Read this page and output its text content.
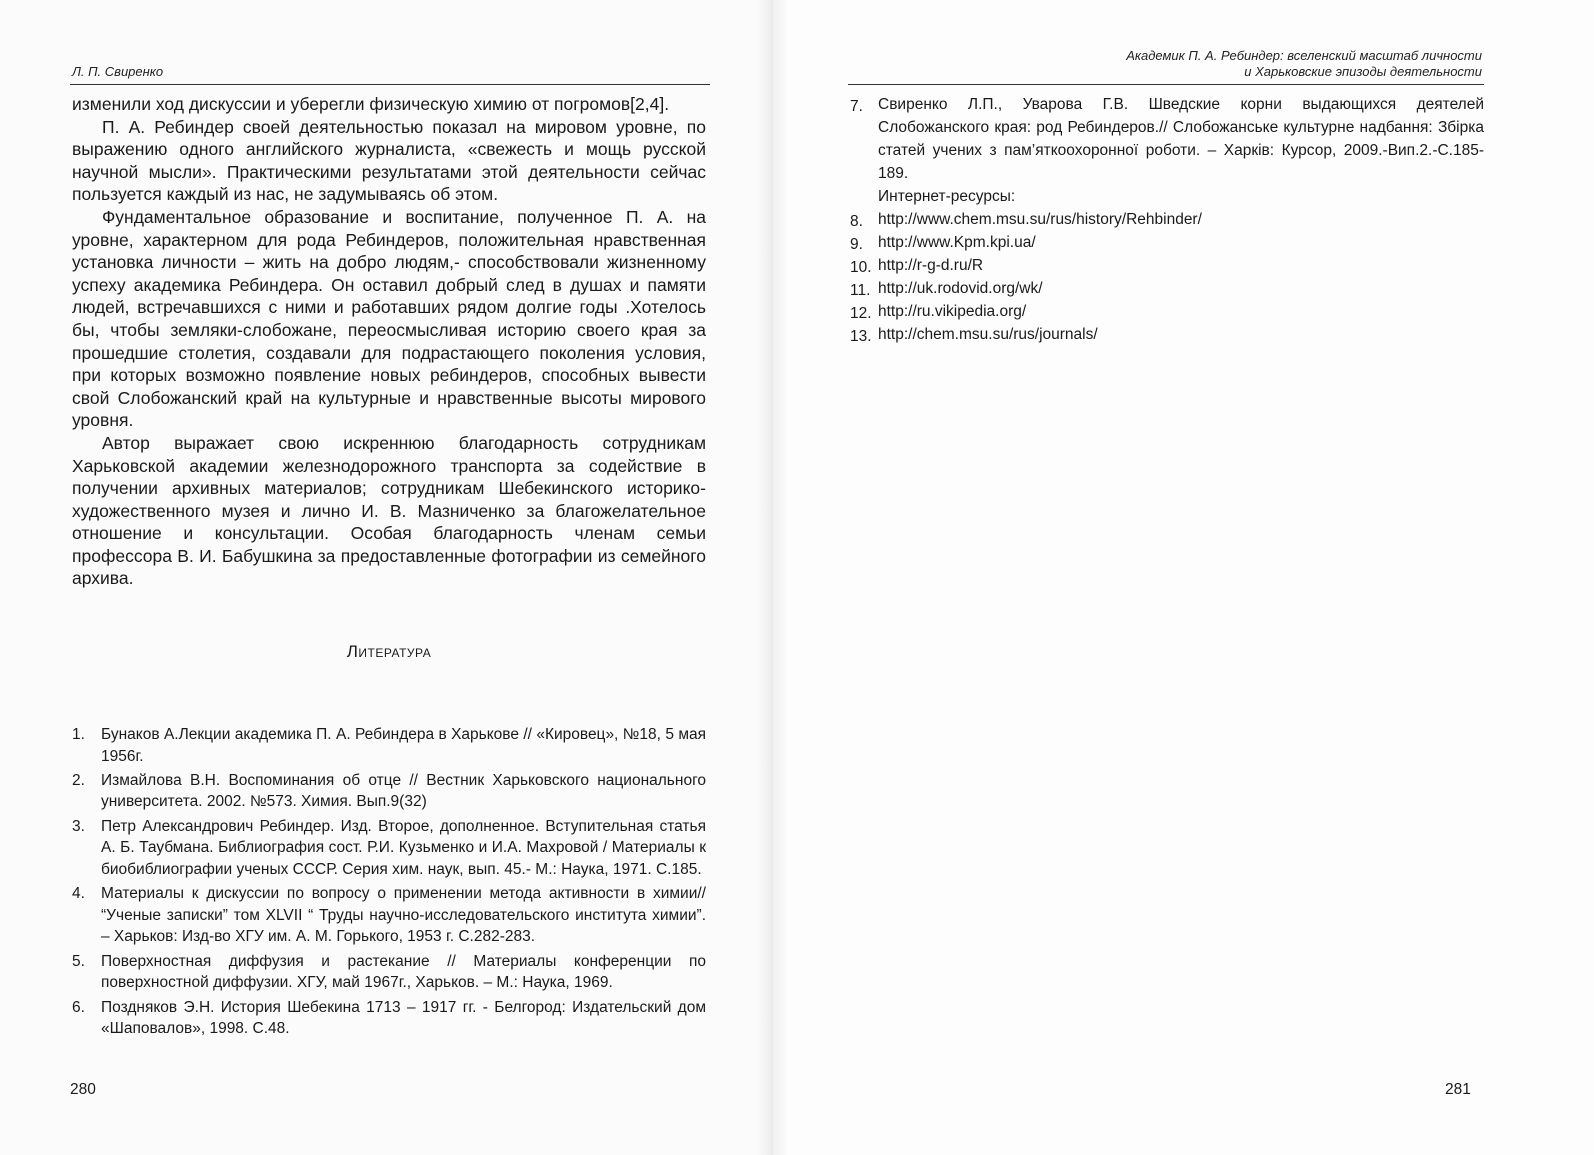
Л. П. Свиренко

изменили ход дискуссии и уберегли физическую химию от погромов[2,4].

П. А. Ребиндер своей деятельностью показал на мировом уровне, по выражению одного английского журналиста, «свежесть и мощь русской научной мысли». Практическими результатами этой деятельности сейчас пользуется каждый из нас, не задумываясь об этом.

Фундаментальное образование и воспитание, полученное П. А. на уровне, характерном для рода Ребиндеров, положительная нравственная установка личности – жить на добро людям,- способствовали жизненному успеху академика Ребиндера. Он оставил добрый след в душах и памяти людей, встречавшихся с ними и работавших рядом долгие годы .Хотелось бы, чтобы земляки-слобожане, переосмысливая историю своего края за прошедшие столетия, создавали для подрастающего поколения условия, при которых возможно появление новых ребиндеров, способных вывести свой Слобожанский край на культурные и нравственные высоты мирового уровня.

Автор выражает свою искреннюю благодарность сотрудникам Харьковской академии железнодорожного транспорта за содействие в получении архивных материалов; сотрудникам Шебекинского историко-художественного музея и лично И. В. Мазниченко за благожелательное отношение и консультации. Особая благодарность членам семьи профессора В. И. Бабушкина за предоставленные фотографии из семейного архива.

Литература
1. Бунаков А.Лекции академика П. А. Ребиндера в Харькове // «Кировец», №18, 5 мая 1956г.
2. Измайлова В.Н. Воспоминания об отце // Вестник Харьковского национального университета. 2002. №573. Химия. Вып.9(32)
3. Петр Александрович Ребиндер. Изд. Второе, дополненное. Вступительная статья А. Б. Таубмана. Библиография сост. Р.И. Кузьменко и И.А. Махровой / Материалы к биобиблиографии ученых СССР. Серия хим. наук, вып. 45.- М.: Наука, 1971. С.185.
4. Материалы к дискуссии по вопросу о применении метода активности в химии// “Ученые записки” том XLVII “ Труды научно-исследовательского института химии”. – Харьков: Изд-во ХГУ им. А. М. Горького, 1953 г. С.282-283.
5. Поверхностная диффузия и растекание // Материалы конференции по поверхностной диффузии. ХГУ, май 1967г., Харьков. – М.: Наука, 1969.
6. Поздняков Э.Н. История Шебекина 1713 – 1917 гг. - Белгород: Издательский дом «Шаповалов», 1998. С.48.
280
Академик П. А. Ребиндер: вселенский масштаб личности
и Харьковские эпизоды деятельности
7. Свиренко Л.П., Уварова Г.В. Шведские корни выдающихся деятелей Слобожанского края: род Ребиндеров.// Слобожанське культурне надбання: Збірка статей учених з пам’яткоохоронної роботи. – Харків: Курсор, 2009.-Вип.2.-С.185-189.
Интернет-ресурсы:
8. http://www.chem.msu.su/rus/history/Rehbinder/
9. http://www.Kpm.kpi.ua/
10. http://r-g-d.ru/R
11. http://uk.rodovid.org/wk/
12. http://ru.vikipedia.org/
13. http://chem.msu.su/rus/journals/
281
